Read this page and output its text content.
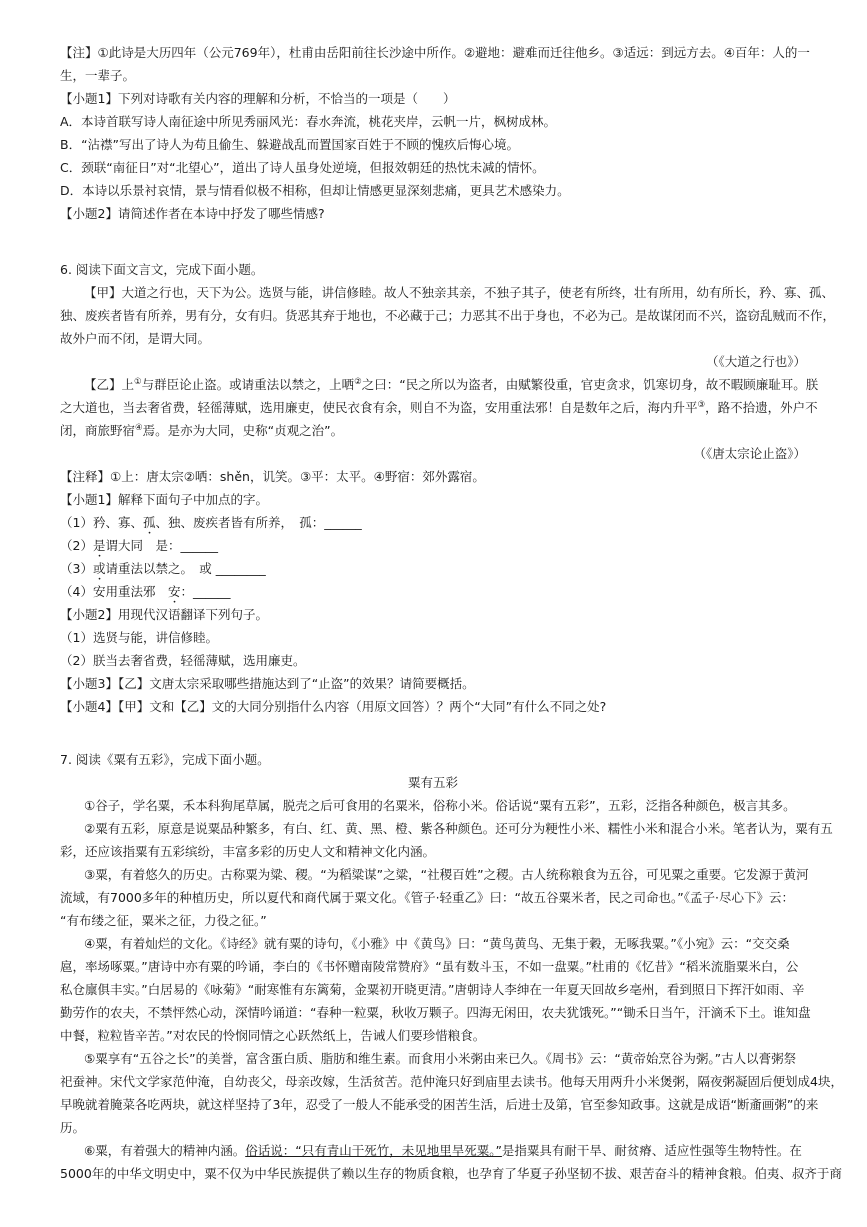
【注】①此诗是大历四年（公元769年），杜甫由岳阳前往长沙途中所作。②避地：避难而迁往他乡。③适远：到远方去。④百年：人的一
生，一辈子。
【小题1】下列对诗歌有关内容的理解和分析，不恰当的一项是（　　）
A．本诗首联写诗人南征途中所见秀丽风光：春水奔流，桃花夹岸，云帆一片，枫树成林。
B．“沾襟”写出了诗人为苟且偷生、躲避战乱而置国家百姓于不顾的愧疚后悔心境。
C．颈联“南征日”对“北望心”，道出了诗人虽身处逆境，但报效朝廷的热忱未减的情怀。
D．本诗以乐景衬哀情，景与情看似极不相称，但却让情感更显深刻悲痛，更具艺术感染力。
【小题2】请简述作者在本诗中抒发了哪些情感?
6. 阅读下面文言文，完成下面小题。
【甲】大道之行也，天下为公。选贤与能，讲信修睦。故人不独亲其亲，不独子其子，使老有所终，壮有所用，幼有所长，矜、寡、孤、
独、废疾者皆有所养，男有分，女有归。货恶其弃于地也，不必藏于己；力恶其不出于身也，不必为己。是故谋闭而不兴，盗窃乱贼而不作，
故外户而不闭，是谓大同。
（《大道之行也》）
【乙】上①与群臣论止盗。或请重法以禁之，上哂②之曰：“民之所以为盗者，由赋繁役重，官吏贪求，饥寒切身，故不暇顾廉耻耳。朕
之大道也，当去奢省费，轻徭薄赋，选用廉吏，使民衣食有余，则自不为盗，安用重法邪！自是数年之后，海内升平③，路不拾遗，外户不
闭，商旅野宿④焉。是亦为大同，史称“贞观之治”。
（《唐太宗论止盗》）
【注释】①上：唐太宗②哂：shěn，讥笑。③平：太平。④野宿：郊外露宿。
【小题1】解释下面句子中加点的字。
（1）矜、寡、孤、独、废疾者皆有所养，　孤：______
（2）是谓大同　是：______
（3）或请重法以禁之。　或 ________
（4）安用重法邪　安：______
【小题2】用现代汉语翻译下列句子。
（1）选贤与能，讲信修睦。
（2）朕当去奢省费，轻徭薄赋，选用廉吏。
【小题3】【乙】文唐太宗采取哪些措施达到了“止盗”的效果？请简要概括。
【小题4】【甲】文和【乙】文的大同分别指什么内容（用原文回答）？两个“大同”有什么不同之处?
7. 阅读《粟有五彩》，完成下面小题。
粟有五彩
①谷子，学名粟，禾本科狗尾草属，脱壳之后可食用的名粟米，俗称小米。俗话说“粟有五彩”，五彩，泛指各种颜色，极言其多。
②粟有五彩，原意是说粟品种繁多，有白、红、黄、黑、橙、紫各种颜色。还可分为粳性小米、糯性小米和混合小米。笔者认为，粟有五
彩，还应该指粟有五彩缤纷，丰富多彩的历史人文和精神文化内涵。
③粟，有着悠久的历史。古称粟为粱、稷。“为稻粱谋”之粱，“社稷百姓”之稷。古人统称粮食为五谷，可见粟之重要。它发源于黄河
流域，有7000多年的种植历史，所以夏代和商代属于粟文化。《管子·轻重乙》曰：“故五谷粟米者，民之司命也。”《孟子·尽心下》云：
“有布缕之征，粟米之征，力役之征。”
④粟，有着灿烂的文化。《诗经》就有粟的诗句，《小雅》中《黄鸟》曰：“黄鸟黄鸟、无集于穀，无啄我粟。”《小宛》云：“交交桑
扈，率场啄粟。”唐诗中亦有粟的吟诵，李白的《书怀赠南陵常赞府》“虽有数斗玉，不如一盘粟。”杜甫的《忆昔》“稻米流脂粟米白，公
私仓廪俱丰实。”白居易的《咏菊》“耐寒惟有东篱菊，金粟初开晓更清。”唐朝诗人李绅在一年夏天回故乡亳州，看到照日下挥汗如雨、辛
勤劳作的农夫，不禁怦然心动，深情吟诵道：“春种一粒粟，秋收万颗子。四海无闲田，农夫犹饿死。”“锄禾日当午，汗滴禾下土。谁知盘
中餐，粒粒皆辛苦。”对农民的怜悯同情之心跃然纸上，告诫人们要珍惜粮食。
⑤粟享有“五谷之长”的美誉，富含蛋白质、脂肪和维生素。而食用小米粥由来已久。《周书》云：“黄帝始烹谷为粥。”古人以膏粥祭
祀蚕神。宋代文学家范仲淹，自幼丧父，母亲改嫁，生活贫苦。范仲淹只好到庙里去读书。他每天用两升小米煲粥，隔夜粥凝固后便划成4块，
早晚就着腌菜各吃两块，就这样坚持了3年，忍受了一般人不能承受的困苦生活，后进士及第，官至参知政事。这就是成语“断齑画粥”的来
历。
⑥粟，有着强大的精神内涵。俗话说：“只有青山干死竹，未见地里旱死粟。”是指粟具有耐干旱、耐贫瘠、适应性强等生物特性。在
5000年的中华文明史中，粟不仅为中华民族提供了赖以生存的物质食粮，也孕育了华夏子孙坚韧不拔、艰苦奋斗的精神食粮。伯夷、叔齐于商
